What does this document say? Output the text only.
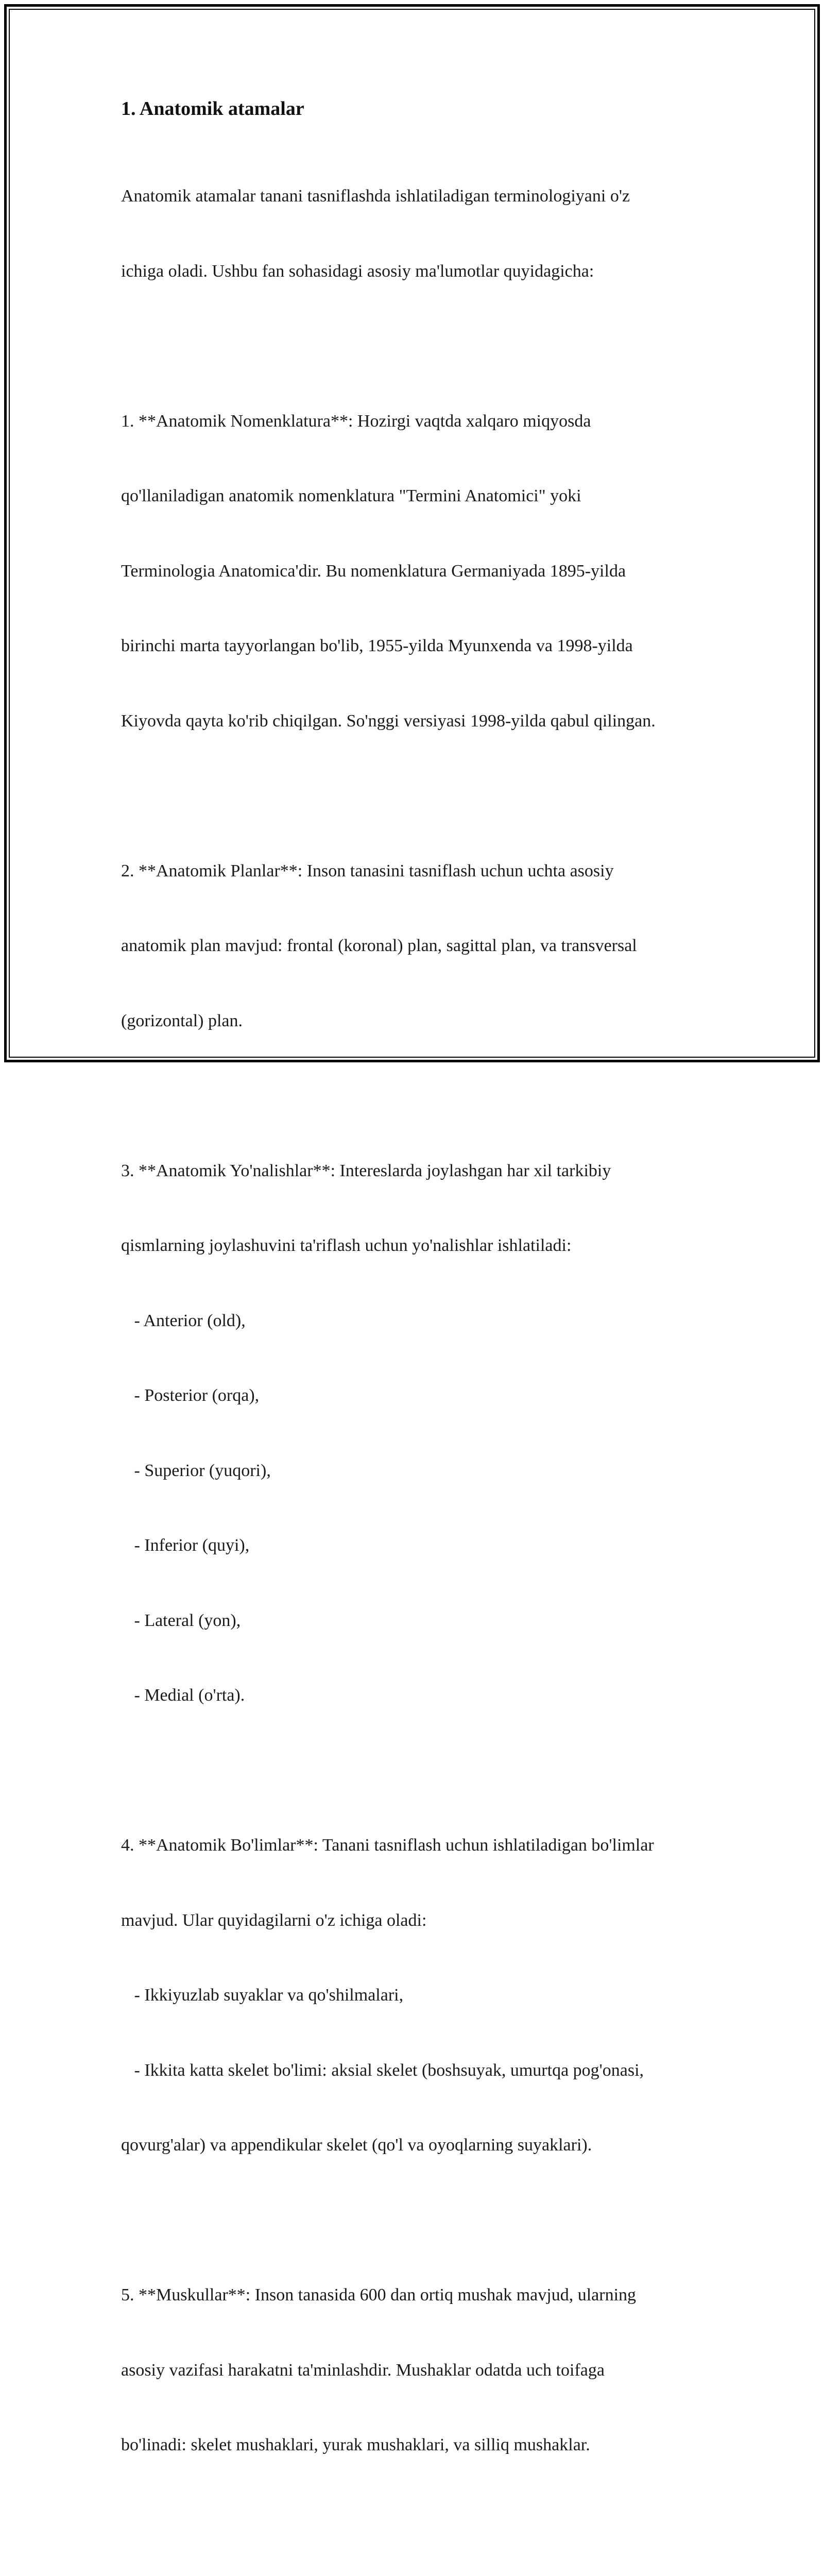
1. Anatomik atamalar

Anatomik atamalar tanani tasniflashda ishlatiladigan terminologiyani o'z

ichiga oladi. Ushbu fan sohasidagi asosiy ma'lumotlar quyidagicha:

1. **Anatomik Nomenklatura**: Hozirgi vaqtda xalqaro miqyosda

qo'llaniladigan anatomik nomenklatura "Termini Anatomici" yoki

Terminologia Anatomica'dir. Bu nomenklatura Germaniyada 1895-yilda

birinchi marta tayyorlangan bo'lib, 1955-yilda Myunxenda va 1998-yilda

Kiyovda qayta ko'rib chiqilgan. So'nggi versiyasi 1998-yilda qabul qilingan.

2. **Anatomik Planlar**: Inson tanasini tasniflash uchun uchta asosiy

anatomik plan mavjud: frontal (koronal) plan, sagittal plan, va transversal

(gorizontal) plan.

3. **Anatomik Yo'nalishlar**: Intereslarda joylashgan har xil tarkibiy

qismlarning joylashuvini ta'riflash uchun yo'nalishlar ishlatiladi:

- Anterior (old),

- Posterior (orqa),

- Superior (yuqori),

- Inferior (quyi),

- Lateral (yon),

- Medial (o'rta).

4. **Anatomik Bo'limlar**: Tanani tasniflash uchun ishlatiladigan bo'limlar

mavjud. Ular quyidagilarni o'z ichiga oladi:

- Ikkiyuzlab suyaklar va qo'shilmalari,

- Ikkita katta skelet bo'limi: aksial skelet (boshsuyak, umurtqa pog'onasi,

qovurg'alar) va appendikular skelet (qo'l va oyoqlarning suyaklari).

5. **Muskullar**: Inson tanasida 600 dan ortiq mushak mavjud, ularning

asosiy vazifasi harakatni ta'minlashdir. Mushaklar odatda uch toifaga

bo'linadi: skelet mushaklari, yurak mushaklari, va silliq mushaklar.
